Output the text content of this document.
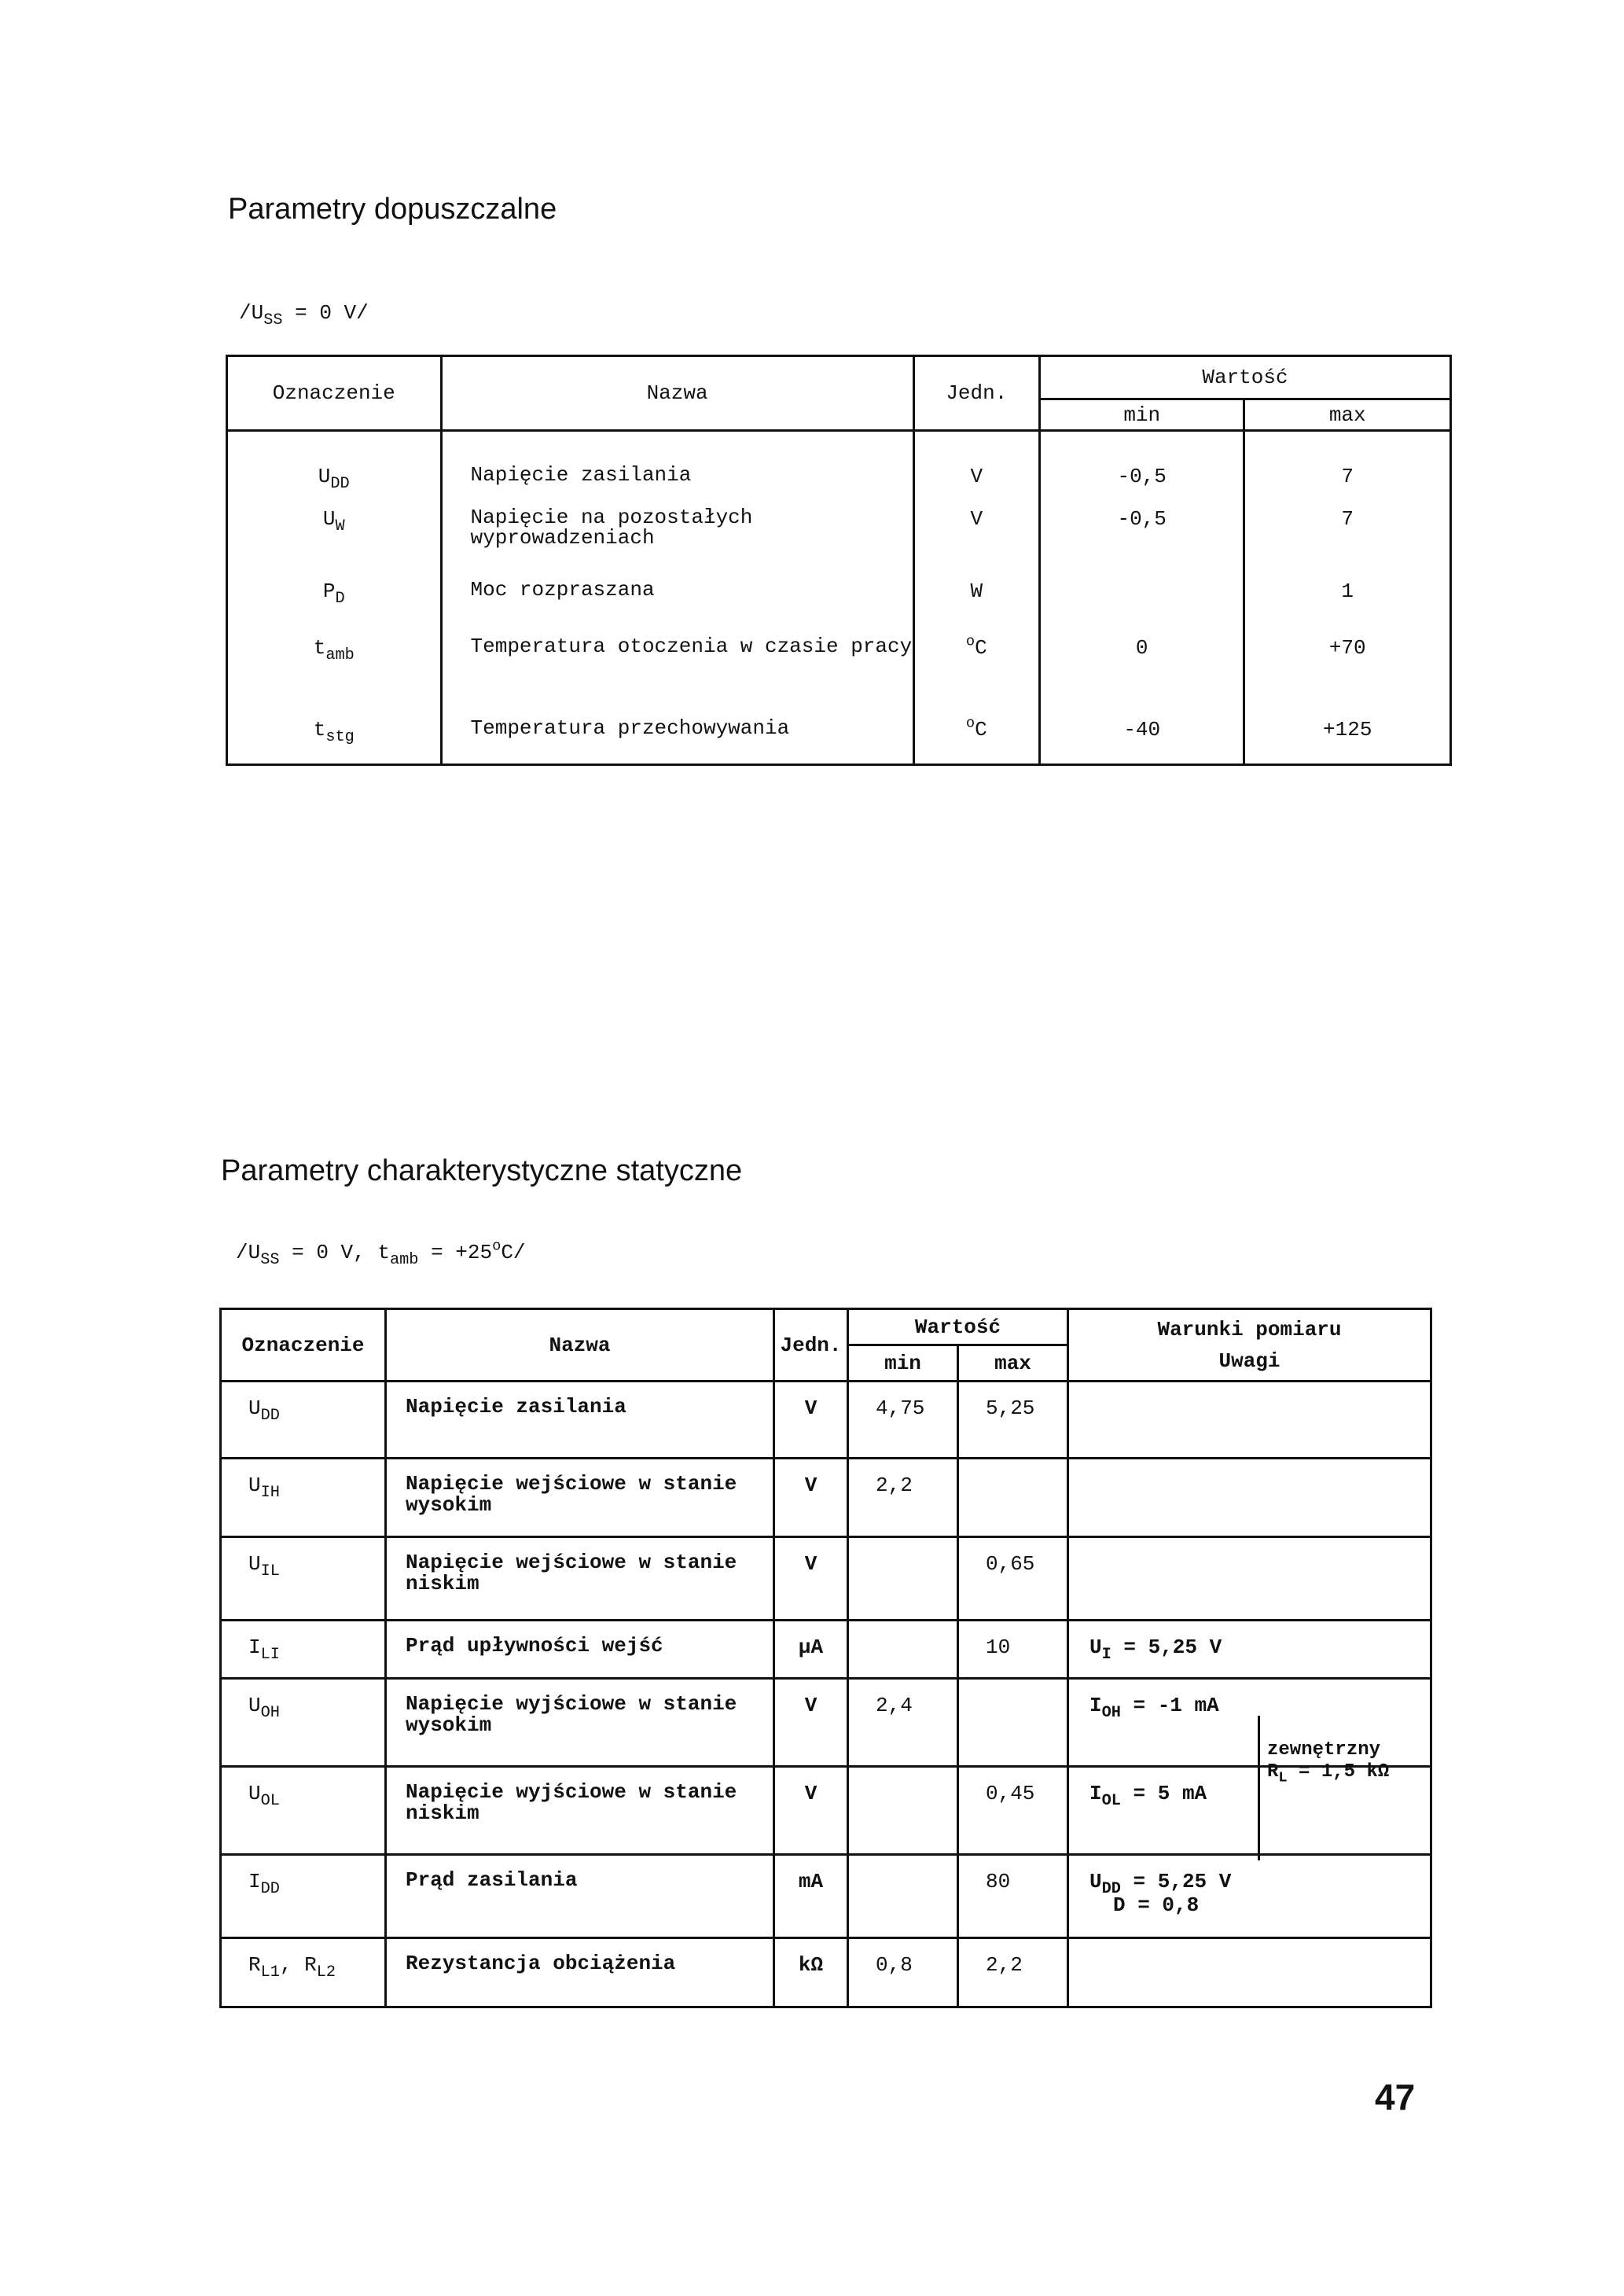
Parametry dopuszczalne
$/U_{SS} = 0$ V/
Oznaczenie	Nazwa	Jedn.	Wartość	
			min	max
$U_{DD}$	Napięcie zasilania	V	-0,5	7
$U_W$	Napięcie na pozostałych wyprowadzeniach	V	-0,5	7
$P_D$	Moc rozpraszana	W		1
$t_{amb}$	Temperatura otoczenia w czasie pracy	$^o$C	0	+70
$t_{stg}$	Temperatura przechowywania	$^o$C	-40	+125
Parametry charakterystyczne statyczne
$/U_{SS} = 0$ V, $t_{amb} = +25^oC/$
Oznaczenie	Nazwa	Jedn.	Wartość		Warunki pomiaru
Uwagi

			min	max	
$U_{DD}$	Napięcie zasilania	V	4,75	5,25	
$U_{IH}$	Napięcie wejściowe w stanie wysokim	V	2,2		
$U_{IL}$	Napięcie wejściowe w stanie niskim	V		0,65	
$I_{LI}$	Prąd upływności wejść	µA		10	$U_I = 5,25$ V
$U_{OH}$	Napięcie wyjściowe w stanie wysokim	V	2,4		$I_{OH} = -1$ mA
$U_{OL}$	Napięcie wyjściowe w stanie niskim	V		0,45	$I_{OL} = 5$ mA
$I_{DD}$	Prąd zasilania	mA		80	$U_{DD} = 5,25$ V
D = 0,8

$R_{L1}$, $R_{L2}$	Rezystancja obciążenia	kΩ	0,8	2,2	
zewnętrzny
$R_L = 1,5$ kΩ
47
